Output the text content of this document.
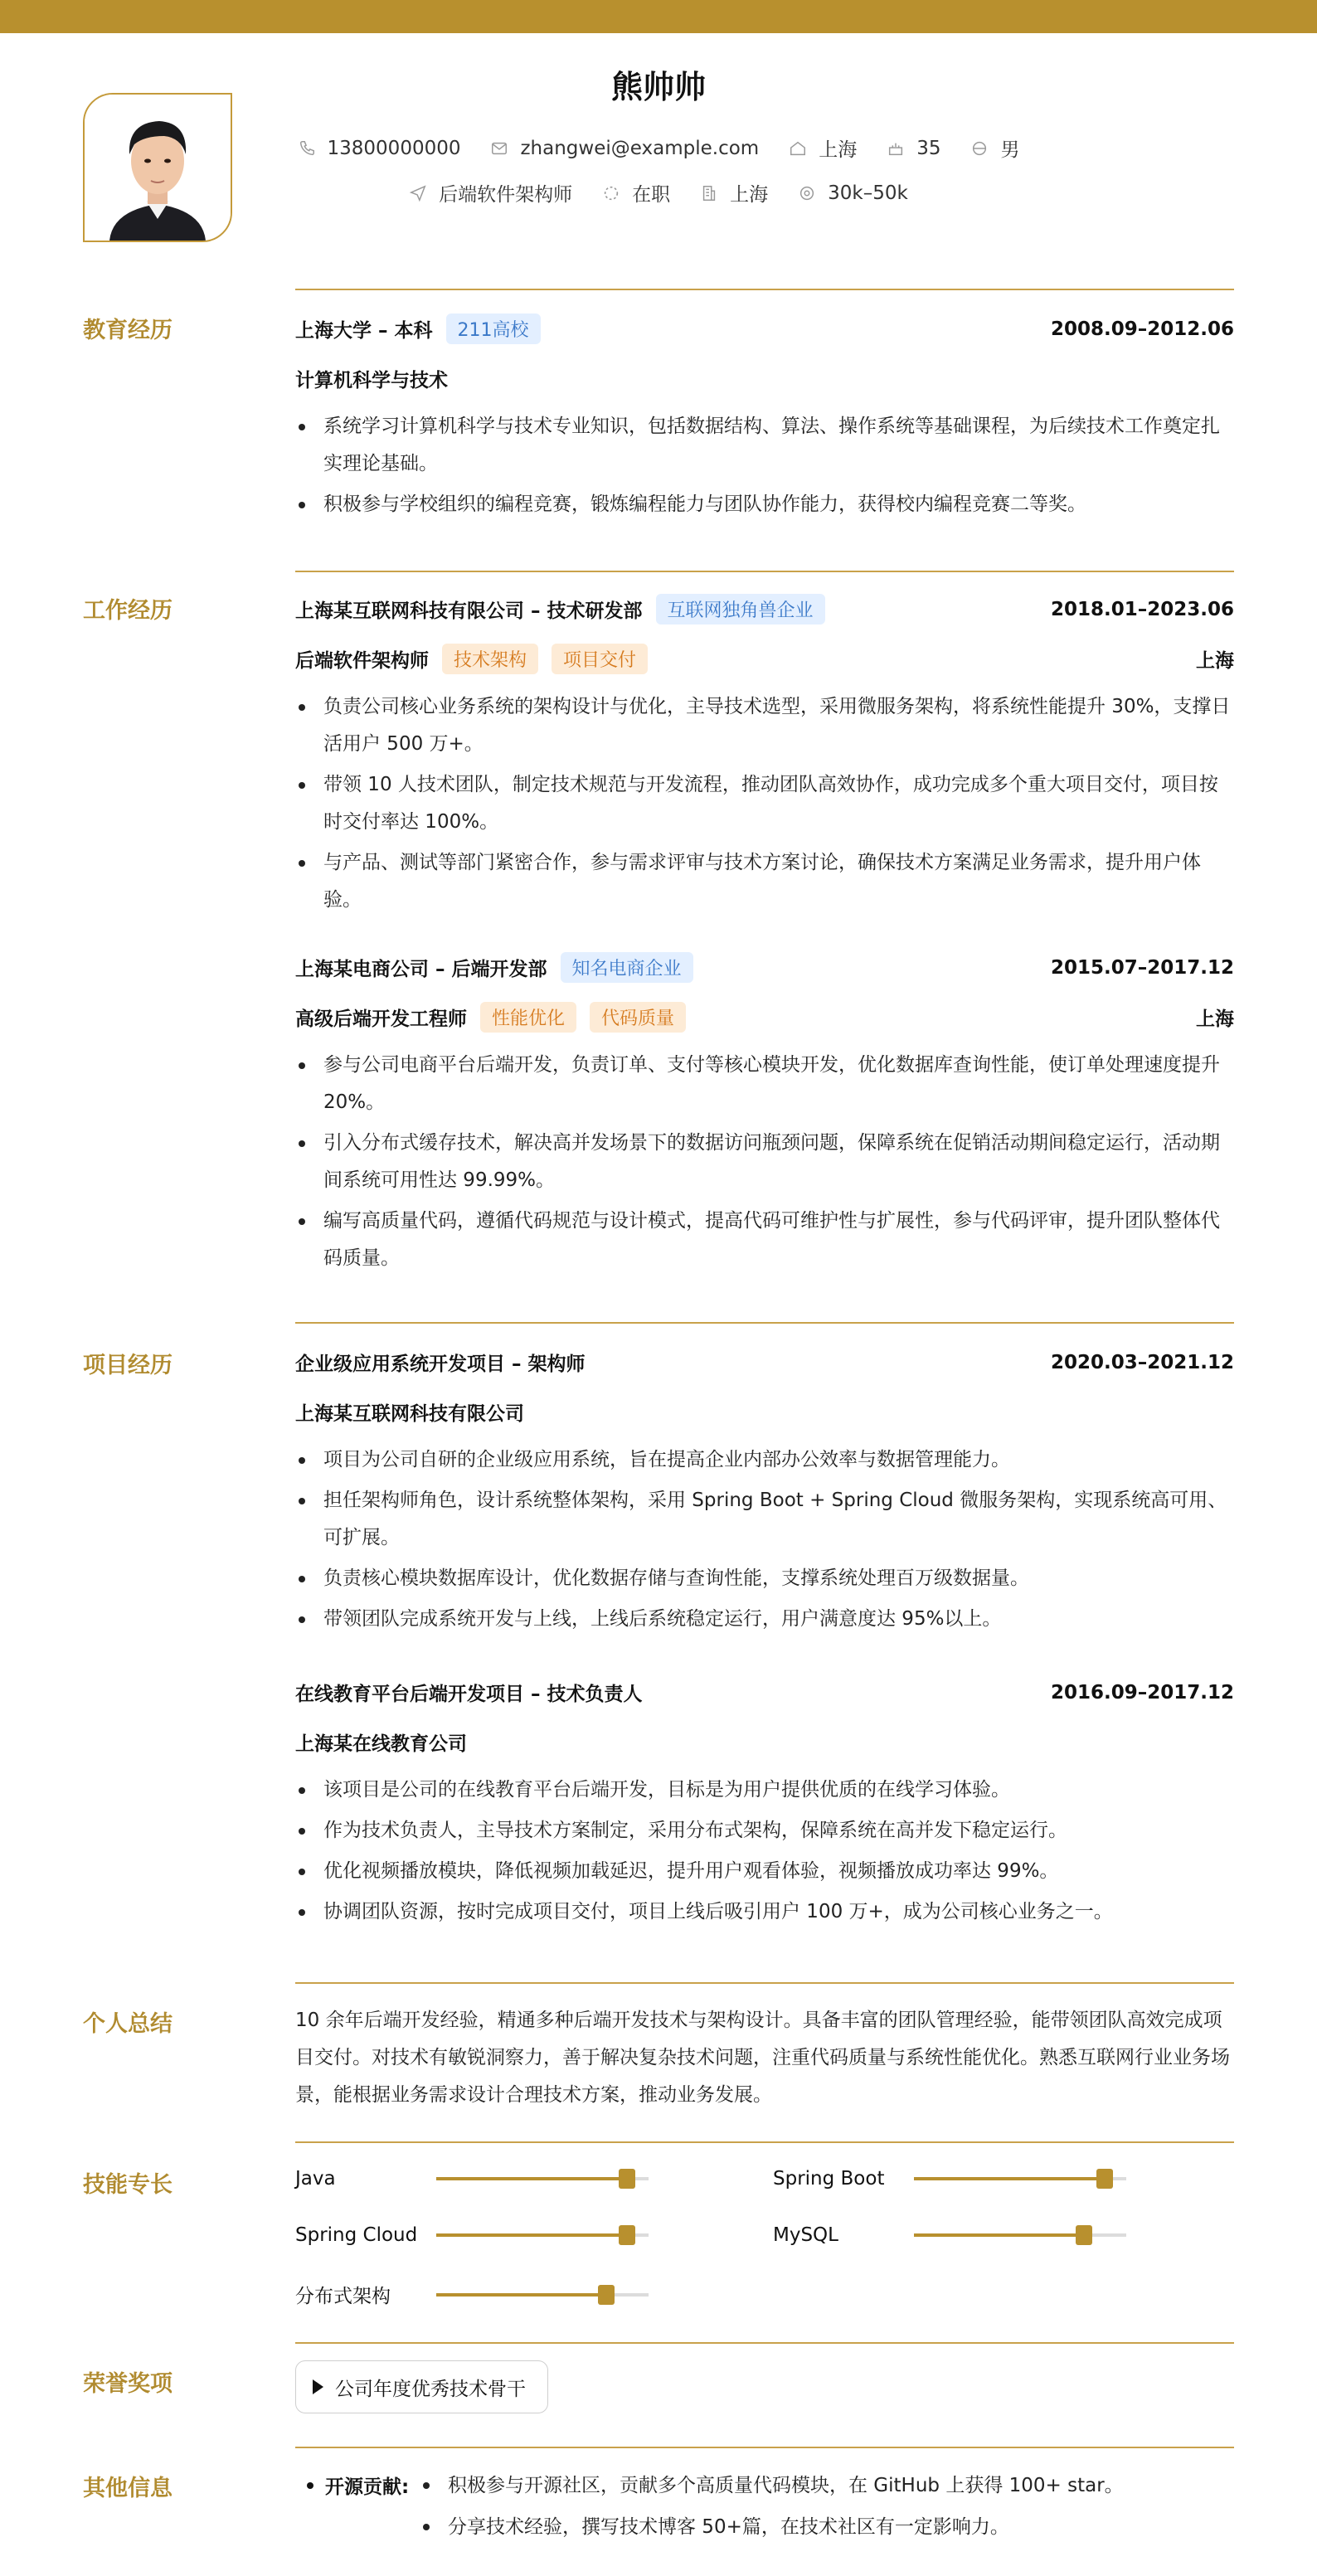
熊帅帅
13800000000	zhangwei@example.com	上海	35	男
后端软件架构师	在职	上海	30k–50k
教育经历	上海大学 – 本科	211高校	2008.09–2012.06
计算机科学与技术
系统学习计算机科学与技术专业知识，包括数据结构、算法、操作系统等基础课程，为后续技术工作奠定扎实理论基础。
积极参与学校组织的编程竞赛，锻炼编程能力与团队协作能力，获得校内编程竞赛二等奖。
工作经历	上海某互联网科技有限公司 – 技术研发部	互联网独角兽企业	2018.01–2023.06
后端软件架构师	技术架构	项目交付	上海
负责公司核心业务系统的架构设计与优化，主导技术选型，采用微服务架构，将系统性能提升 30%，支撑日活用户 500 万+。
带领 10 人技术团队，制定技术规范与开发流程，推动团队高效协作，成功完成多个重大项目交付，项目按时交付率达 100%。
与产品、测试等部门紧密合作，参与需求评审与技术方案讨论，确保技术方案满足业务需求，提升用户体验。
上海某电商公司 – 后端开发部	知名电商企业	2015.07–2017.12
高级后端开发工程师	性能优化	代码质量	上海
参与公司电商平台后端开发，负责订单、支付等核心模块开发，优化数据库查询性能，使订单处理速度提升 20%。
引入分布式缓存技术，解决高并发场景下的数据访问瓶颈问题，保障系统在促销活动期间稳定运行，活动期间系统可用性达 99.99%。
编写高质量代码，遵循代码规范与设计模式，提高代码可维护性与扩展性，参与代码评审，提升团队整体代码质量。
项目经历	企业级应用系统开发项目 – 架构师	2020.03–2021.12
上海某互联网科技有限公司
项目为公司自研的企业级应用系统，旨在提高企业内部办公效率与数据管理能力。
担任架构师角色，设计系统整体架构，采用 Spring Boot + Spring Cloud 微服务架构，实现系统高可用、可扩展。
负责核心模块数据库设计，优化数据存储与查询性能，支撑系统处理百万级数据量。
带领团队完成系统开发与上线，上线后系统稳定运行，用户满意度达 95%以上。
在线教育平台后端开发项目 – 技术负责人	2016.09–2017.12
上海某在线教育公司
该项目是公司的在线教育平台后端开发，目标是为用户提供优质的在线学习体验。
作为技术负责人，主导技术方案制定，采用分布式架构，保障系统在高并发下稳定运行。
优化视频播放模块，降低视频加载延迟，提升用户观看体验，视频播放成功率达 99%。
协调团队资源，按时完成项目交付，项目上线后吸引用户 100 万+，成为公司核心业务之一。
个人总结	10 余年后端开发经验，精通多种后端开发技术与架构设计。具备丰富的团队管理经验，能带领团队高效完成项目交付。对技术有敏锐洞察力，善于解决复杂技术问题，注重代码质量与系统性能优化。熟悉互联网行业业务场景，能根据业务需求设计合理技术方案，推动业务发展。
技能专长	Java	Spring Boot
Spring Cloud	MySQL
分布式架构
荣誉奖项	公司年度优秀技术骨干
其他信息	开源贡献:	积极参与开源社区，贡献多个高质量代码模块，在 GitHub 上获得 100+ star。
分享技术经验，撰写技术博客 50+篇，在技术社区有一定影响力。
